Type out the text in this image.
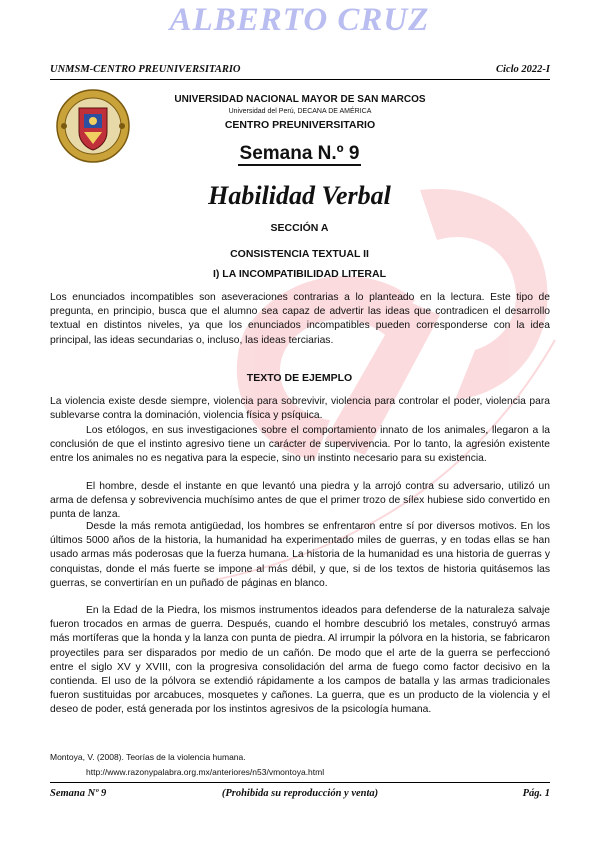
ALBERTO CRUZ
UNMSM-CENTRO PREUNIVERSITARIO	Ciclo 2022-I
UNIVERSIDAD NACIONAL MAYOR DE SAN MARCOS
Universidad del Perú, DECANA DE AMÉRICA
CENTRO PREUNIVERSITARIO
Semana N.º 9
Habilidad Verbal
SECCIÓN A
CONSISTENCIA TEXTUAL II
I) LA INCOMPATIBILIDAD LITERAL

Los enunciados incompatibles son aseveraciones contrarias a lo planteado en la lectura. Este tipo de pregunta, en principio, busca que el alumno sea capaz de advertir las ideas que contradicen el desarrollo textual en distintos niveles, ya que los enunciados incompatibles pueden corresponderse con la idea principal, las ideas secundarias o, incluso, las ideas terciarias.

TEXTO DE EJEMPLO

La violencia existe desde siempre, violencia para sobrevivir, violencia para controlar el poder, violencia para sublevarse contra la dominación, violencia física y psíquica.

Los etólogos, en sus investigaciones sobre el comportamiento innato de los animales, llegaron a la conclusión de que el instinto agresivo tiene un carácter de supervivencia. Por lo tanto, la agresión existente entre los animales no es negativa para la especie, sino un instinto necesario para su existencia.

El hombre, desde el instante en que levantó una piedra y la arrojó contra su adversario, utilizó un arma de defensa y sobrevivencia muchísimo antes de que el primer trozo de sílex hubiese sido convertido en punta de lanza.

Desde la más remota antigüedad, los hombres se enfrentaron entre sí por diversos motivos. En los últimos 5000 años de la historia, la humanidad ha experimentado miles de guerras, y en todas ellas se han usado armas más poderosas que la fuerza humana. La historia de la humanidad es una historia de guerras y conquistas, donde el más fuerte se impone al más débil, y que, si de los textos de historia quitásemos las guerras, se convertirían en un puñado de páginas en blanco.

En la Edad de la Piedra, los mismos instrumentos ideados para defenderse de la naturaleza salvaje fueron trocados en armas de guerra. Después, cuando el hombre descubrió los metales, construyó armas más mortíferas que la honda y la lanza con punta de piedra. Al irrumpir la pólvora en la historia, se fabricaron proyectiles para ser disparados por medio de un cañón. De modo que el arte de la guerra se perfeccionó entre el siglo XV y XVIII, con la progresiva consolidación del arma de fuego como factor decisivo en la contienda. El uso de la pólvora se extendió rápidamente a los campos de batalla y las armas tradicionales fueron sustituidas por arcabuces, mosquetes y cañones. La guerra, que es un producto de la violencia y el deseo de poder, está generada por los instintos agresivos de la psicología humana.

Montoya, V. (2008). Teorías de la violencia humana.
http://www.razonypalabra.org.mx/anteriores/n53/vmontoya.html
Semana Nº 9	(Prohibida su reproducción y venta)	Pág. 1
